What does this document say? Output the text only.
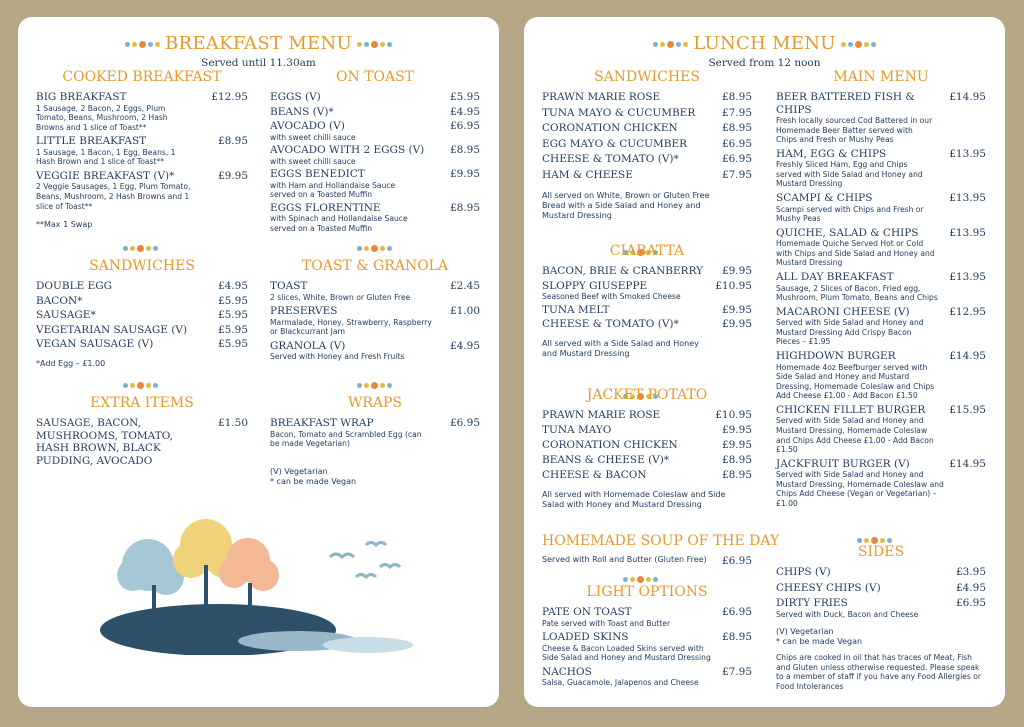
BREAKFAST MENU
Served until 11.30am
COOKED BREAKFAST
BIG BREAKFAST	£12.95
1 Sausage, 2 Bacon, 2 Eggs, Plum Tomato, Beans, Mushroom, 2 Hash Browns and 1 slice of Toast**
LITTLE BREAKFAST	£8.95
1 Sausage, 1 Bacon, 1 Egg, Beans, 1 Hash Brown and 1 slice of Toast**
VEGGIE BREAKFAST (V)*	£9.95
2 Veggie Sausages, 1 Egg, Plum Tomato, Beans, Mushroom, 2 Hash Browns and 1 slice of Toast**
**Max 1 Swap
ON TOAST
EGGS (V)	£5.95
BEANS (V)*	£4.95
AVOCADO (V)	£6.95
with sweet chilli sauce
AVOCADO WITH 2 EGGS (V) £8.95
with sweet chilli sauce
EGGS BENEDICT	£9.95
with Ham and Hollandaise Sauce served on a Toasted Muffin
EGGS FLORENTINE	£8.95
with Spinach and Hollandaise Sauce served on a Toasted Muffin
SANDWICHES
DOUBLE EGG	£4.95
BACON*	£5.95
SAUSAGE*	£5.95
VEGETARIAN SAUSAGE (V)	£5.95
VEGAN SAUSAGE (V)	£5.95
*Add Egg – £1.00
TOAST & GRANOLA
TOAST	£2.45
2 slices, White, Brown or Gluten Free
PRESERVES	£1.00
Marmalade, Honey, Strawberry, Raspberry or Blackcurrant Jam
GRANOLA (V)	£4.95
Served with Honey and Fresh Fruits
EXTRA ITEMS
SAUSAGE, BACON, MUSHROOMS, TOMATO, HASH BROWN, BLACK PUDDING, AVOCADO
£1.50
WRAPS
BREAKFAST WRAP	£6.95
Bacon, Tomato and Scrambled Egg (can be made Vegetarian)
(V) Vegetarian
* can be made Vegan
LUNCH MENU
Served from 12 noon
SANDWICHES
PRAWN MARIE ROSE	£8.95
TUNA MAYO & CUCUMBER	£7.95
CORONATION CHICKEN	£8.95
EGG MAYO & CUCUMBER	£6.95
CHEESE & TOMATO (V)*	£6.95
HAM & CHEESE	£7.95
All served on White, Brown or Gluten Free Bread with a Side Salad and Honey and Mustard Dressing
CIABATTA
BACON, BRIE & CRANBERRY £9.95
SLOPPY GIUSEPPE	£10.95
Seasoned Beef with Smoked Cheese
TUNA MELT	£9.95
CHEESE & TOMATO (V)*	£9.95
All served with a Side Salad and Honey and Mustard Dressing
JACKET POTATO
PRAWN MARIE ROSE	£10.95
TUNA MAYO	£9.95
CORONATION CHICKEN	£9.95
BEANS & CHEESE (V)*	£8.95
CHEESE & BACON	£8.95
All served with Homemade Coleslaw and Side Salad with Honey and Mustard Dressing
HOMEMADE SOUP OF THE DAY
Served with Roll and Butter (Gluten Free) £6.95
LIGHT OPTIONS
PATE ON TOAST	£6.95
Pate served with Toast and Butter
LOADED SKINS	£8.95
Cheese & Bacon Loaded Skins served with Side Salad and Honey and Mustard Dressing
NACHOS	£7.95
Salsa, Guacamole, Jalapenos and Cheese
MAIN MENU
BEER BATTERED FISH & CHIPS
£14.95
Fresh locally sourced Cod Battered in our Homemade Beer Batter served with Chips and Fresh or Mushy Peas
HAM, EGG & CHIPS	£13.95
Freshly Sliced Ham, Egg and Chips served with Side Salad and Honey and Mustard Dressing
SCAMPI & CHIPS	£13.95
Scampi served with Chips and Fresh or Mushy Peas
QUICHE, SALAD & CHIPS	£13.95
Homemade Quiche Served Hot or Cold with Chips and Side Salad and Honey and Mustard Dressing
ALL DAY BREAKFAST	£13.95
Sausage, 2 Slices of Bacon, Fried egg, Mushroom, Plum Tomato, Beans and Chips
MACARONI CHEESE (V)	£12.95
Served with Side Salad and Honey and Mustard Dressing Add Crispy Bacon Pieces – £1.95
HIGHDOWN BURGER	£14.95
Homemade 4oz Beefburger served with Side Salad and Honey and Mustard Dressing, Homemade Coleslaw and Chips Add Cheese £1.00 - Add Bacon £1.50
CHICKEN FILLET BURGER £15.95
Served with Side Salad and Honey and Mustard Dressing, Homemade Coleslaw and Chips Add Cheese £1.00 - Add Bacon £1.50
JACKFRUIT BURGER (V)	£14.95
Served with Side Salad and Honey and Mustard Dressing, Homemade Coleslaw and Chips Add Cheese (Vegan or Vegetarian) – £1.00
SIDES
CHIPS (V)	£3.95
CHEESY CHIPS (V)	£4.95
DIRTY FRIES	£6.95
Served with Duck, Bacon and Cheese
(V) Vegetarian
* can be made Vegan
Chips are cooked in oil that has traces of Meat, Fish and Gluten unless otherwise requested. Please speak to a member of staff if you have any Food Allergies or Food Intolerances
